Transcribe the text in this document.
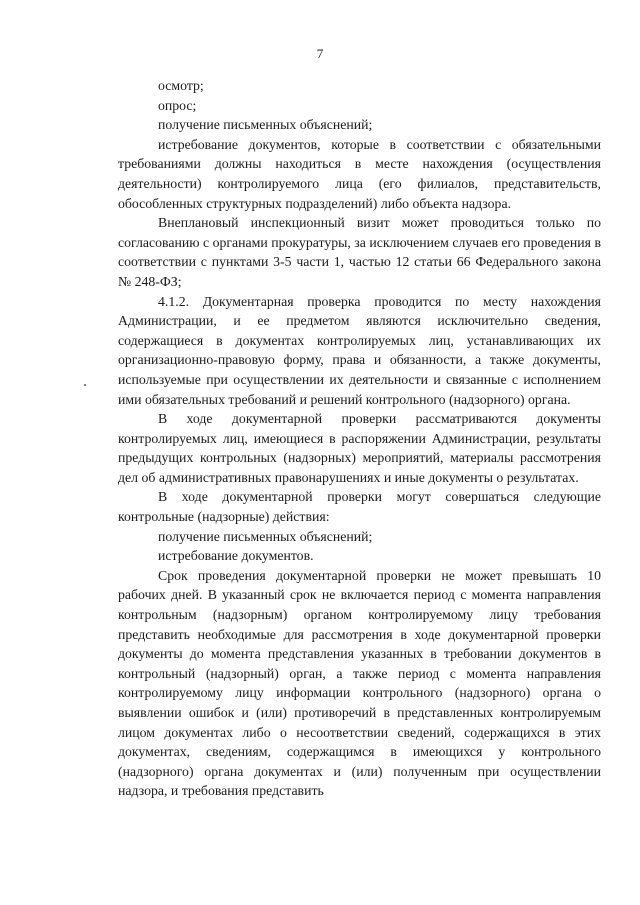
7

осмотр;

опрос;

получение письменных объяснений;

истребование документов, которые в соответствии с обязательными требованиями должны находиться в месте нахождения (осуществления деятельности) контролируемого лица (его филиалов, представительств, обособленных структурных подразделений) либо объекта надзора.

Внеплановый инспекционный визит может проводиться только по согласованию с органами прокуратуры, за исключением случаев его проведения в соответствии с пунктами 3-5 части 1, частью 12 статьи 66 Федерального закона № 248-ФЗ;

4.1.2. Документарная проверка проводится по месту нахождения Администрации, и ее предметом являются исключительно сведения, содержащиеся в документах контролируемых лиц, устанавливающих их организационно-правовую форму, права и обязанности, а также документы, используемые при осуществлении их деятельности и связанные с исполнением ими обязательных требований и решений контрольного (надзорного) органа.

В ходе документарной проверки рассматриваются документы контролируемых лиц, имеющиеся в распоряжении Администрации, результаты предыдущих контрольных (надзорных) мероприятий, материалы рассмотрения дел об административных правонарушениях и иные документы о результатах.

В ходе документарной проверки могут совершаться следующие контрольные (надзорные) действия:

получение письменных объяснений;

истребование документов.

Срок проведения документарной проверки не может превышать 10 рабочих дней. В указанный срок не включается период с момента направления контрольным (надзорным) органом контролируемому лицу требования представить необходимые для рассмотрения в ходе документарной проверки документы до момента представления указанных в требовании документов в контрольный (надзорный) орган, а также период с момента направления контролируемому лицу информации контрольного (надзорного) органа о выявлении ошибок и (или) противоречий в представленных контролируемым лицом документах либо о несоответствии сведений, содержащихся в этих документах, сведениям, содержащимся в имеющихся у контрольного (надзорного) органа документах и (или) полученным при осуществлении надзора, и требования представить
